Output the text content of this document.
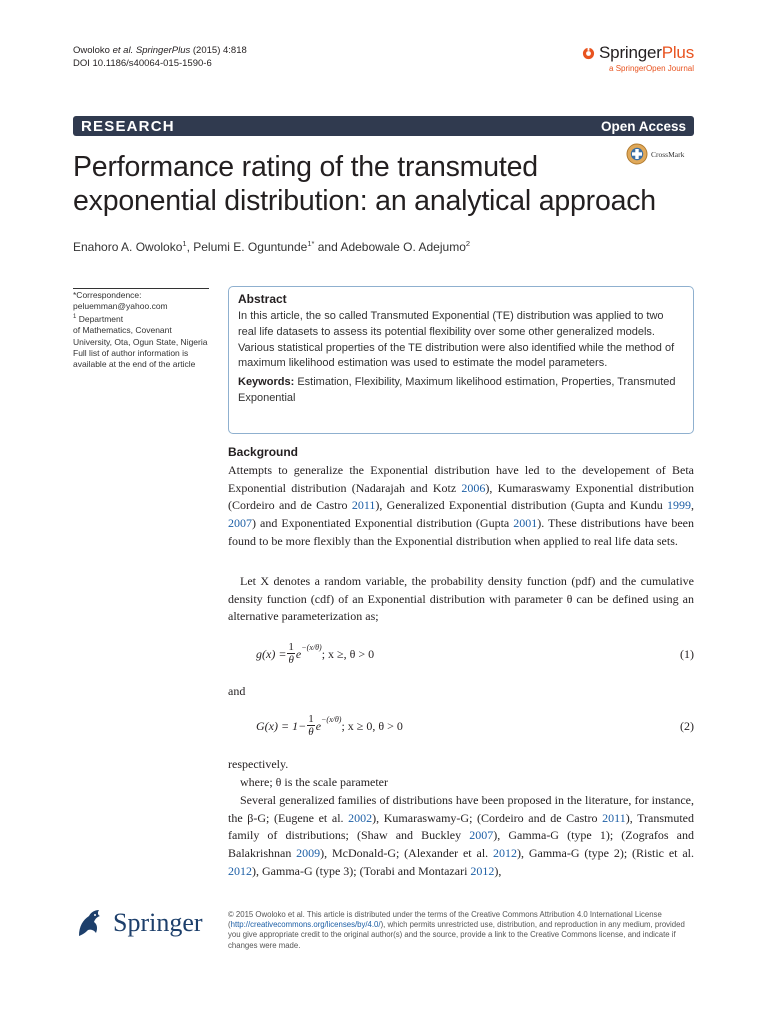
Owoloko et al. SpringerPlus (2015) 4:818
DOI 10.1186/s40064-015-1590-6
SpringerPlus
a SpringerOpen Journal
RESEARCH	Open Access
CrossMark
Performance rating of the transmuted
exponential distribution: an analytical approach
Enahoro A. Owoloko$^1$, Pelumi E. Oguntunde$^{1*}$ and Adebowale O. Adejumo$^2$
*Correspondence:
peluemman@yahoo.com
$^1$ Department
of Mathematics, Covenant University, Ota, Ogun State, Nigeria
Full list of author information is available at the end of the article
Abstract
In this article, the so called Transmuted Exponential (TE) distribution was applied to two real life datasets to assess its potential flexibility over some other generalized models. Various statistical properties of the TE distribution were also identified while the method of maximum likelihood estimation was used to estimate the model parameters.
Keywords: Estimation, Flexibility, Maximum likelihood estimation, Properties, Transmuted Exponential
Background

Attempts to generalize the Exponential distribution have led to the developement of Beta Exponential distribution (Nadarajah and Kotz 2006), Kumaraswamy Exponential distribution (Cordeiro and de Castro 2011), Generalized Exponential distribution (Gupta and Kundu 1999, 2007) and Exponentiated Exponential distribution (Gupta 2001). These distributions have been found to be more flexibly than the Exponential distribution when applied to real life data sets.

Let X denotes a random variable, the probability density function (pdf) and the cumulative density function (cdf) of an Exponential distribution with parameter θ can be defined using an alternative parameterization as;

$g(x) = \frac{1}{\theta}$ e −(x/θ) ; x ≥, θ > 0	(1)

and

$G(x) = 1- \frac{1}{\theta}$ e −(x/θ) ; x ≥ 0, θ > 0	(2)

respectively.

where; θ is the scale parameter

Several generalized families of distributions have been proposed in the literature, for instance, the β-G; (Eugene et al. 2002), Kumaraswamy-G; (Cordeiro and de Castro 2011), Transmuted family of distributions; (Shaw and Buckley 2007), Gamma-G (type 1); (Zografos and Balakrishnan 2009), McDonald-G; (Alexander et al. 2012), Gamma-G (type 2); (Ristic et al. 2012), Gamma-G (type 3); (Torabi and Montazari 2012),

Springer	© 2015 Owoloko et al. This article is distributed under the terms of the Creative Commons Attribution 4.0 International License (http://creativecommons.org/licenses/by/4.0/), which permits unrestricted use, distribution, and reproduction in any medium, provided you give appropriate credit to the original author(s) and the source, provide a link to the Creative Commons license, and indicate if changes were made.
